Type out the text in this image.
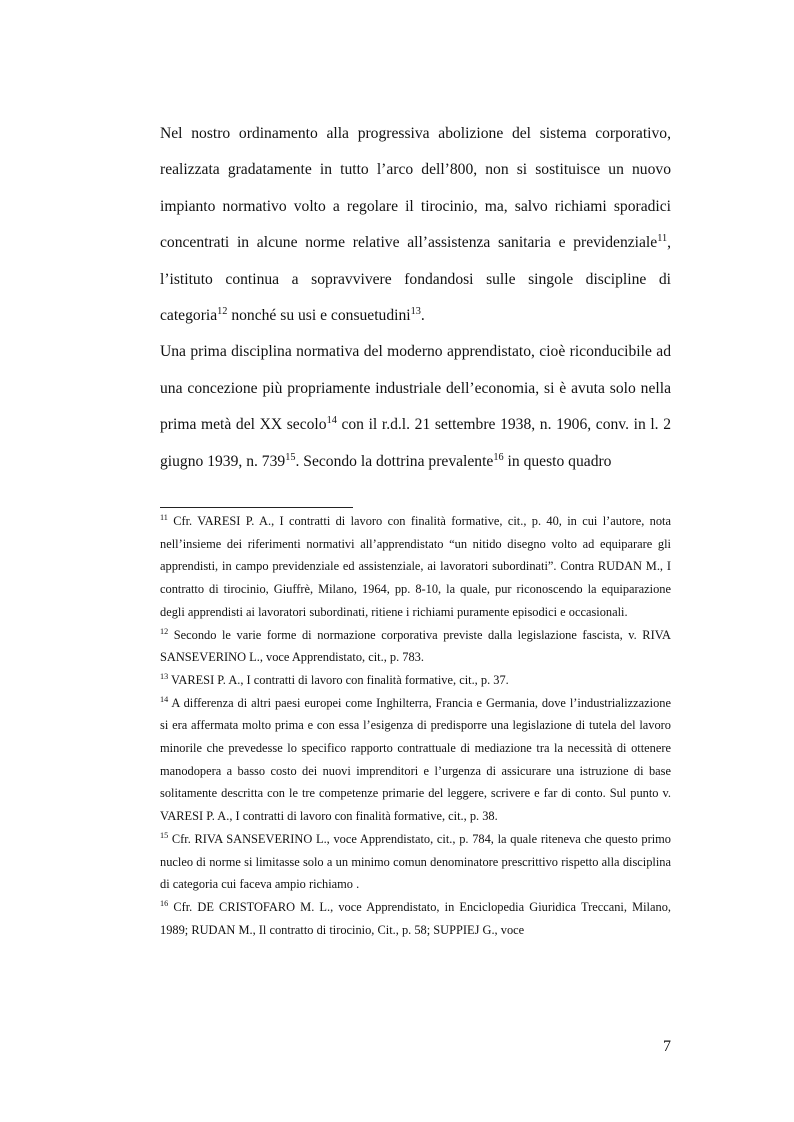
Nel nostro ordinamento alla progressiva abolizione del sistema corporativo, realizzata gradatamente in tutto l’arco dell’800, non si sostituisce un nuovo impianto normativo volto a regolare il tirocinio, ma, salvo richiami sporadici concentrati in alcune norme relative all’assistenza sanitaria e previdenziale$^{11}$, l’istituto continua a sopravvivere fondandosi sulle singole discipline di categoria$^{12}$ nonché su usi e consuetudini$^{13}$.

Una prima disciplina normativa del moderno apprendistato, cioè riconducibile ad una concezione più propriamente industriale dell’economia, si è avuta solo nella prima metà del XX secolo$^{14}$ con il r.d.l. 21 settembre 1938, n. 1906, conv. in l. 2 giugno 1939, n. $739^{15}$. Secondo la dottrina prevalente$^{16}$ in questo quadro

$^{11}$ Cfr. VARESI P. A., I contratti di lavoro con finalità formative, cit., p. 40, in cui l’autore, nota nell’insieme dei riferimenti normativi all’apprendistato “un nitido disegno volto ad equiparare gli apprendisti, in campo previdenziale ed assistenziale, ai lavoratori subordinati”. Contra RUDAN M., I contratto di tirocinio, Giuffrè, Milano, 1964, pp. 8-10, la quale, pur riconoscendo la equiparazione degli apprendisti ai lavoratori subordinati, ritiene i richiami puramente episodici e occasionali.

$^{12}$ Secondo le varie forme di normazione corporativa previste dalla legislazione fascista, v. RIVA SANSEVERINO L., voce Apprendistato, cit., p. 783.

$^{13}$ VARESI P. A., I contratti di lavoro con finalità formative, cit., p. 37.

$^{14}$ A differenza di altri paesi europei come Inghilterra, Francia e Germania, dove l’industrializzazione si era affermata molto prima e con essa l’esigenza di predisporre una legislazione di tutela del lavoro minorile che prevedesse lo specifico rapporto contrattuale di mediazione tra la necessità di ottenere manodopera a basso costo dei nuovi imprenditori e l’urgenza di assicurare una istruzione di base solitamente descritta con le tre competenze primarie del leggere, scrivere e far di conto. Sul punto v. VARESI P. A., I contratti di lavoro con finalità formative, cit., p. 38.

$^{15}$ Cfr. RIVA SANSEVERINO L., voce Apprendistato, cit., p. 784, la quale riteneva che questo primo nucleo di norme si limitasse solo a un minimo comun denominatore prescrittivo rispetto alla disciplina di categoria cui faceva ampio richiamo .

$^{16}$ Cfr. DE CRISTOFARO M. L., voce Apprendistato, in Enciclopedia Giuridica Treccani, Milano, 1989; RUDAN M., Il contratto di tirocinio, Cit., p. 58; SUPPIEJ G., voce

7
